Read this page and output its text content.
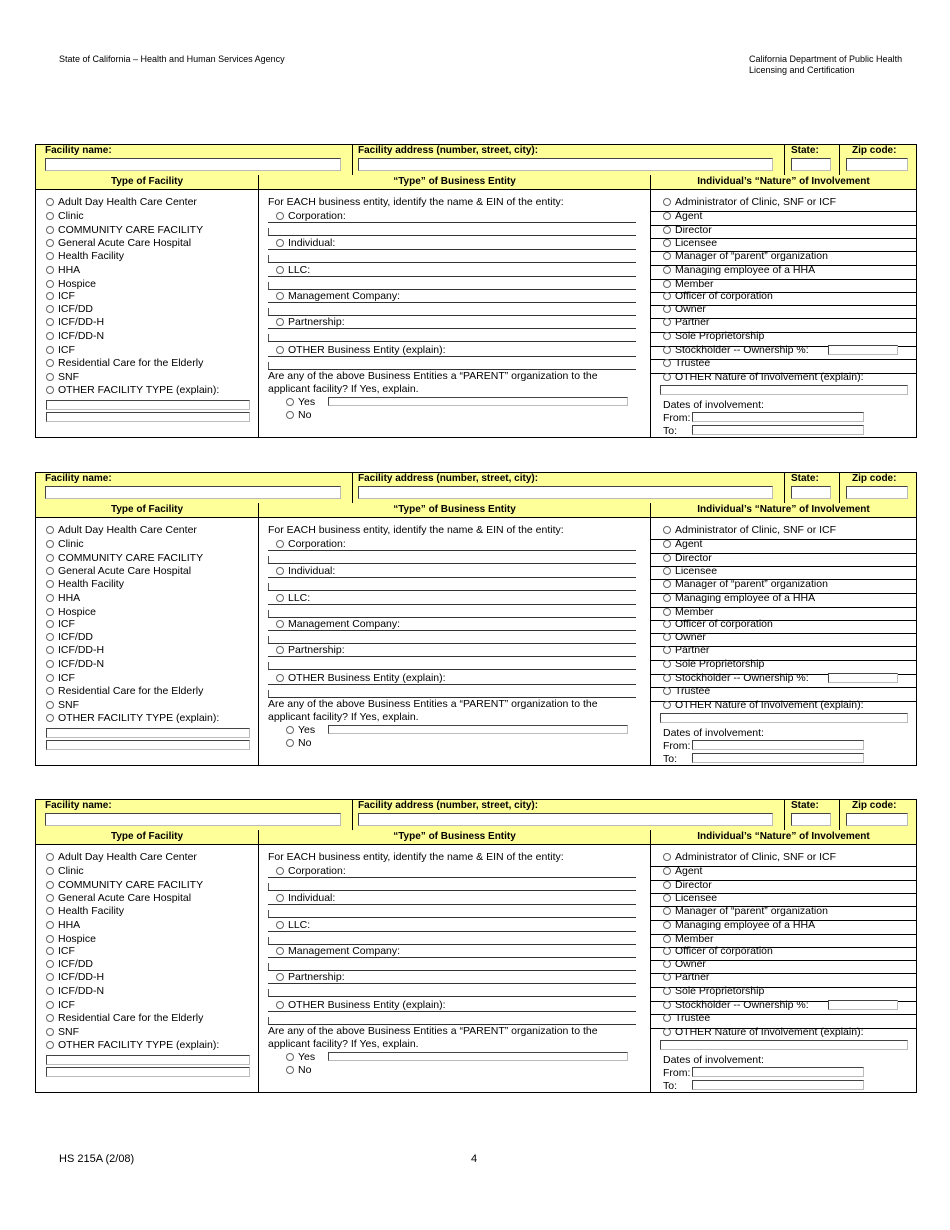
State of California – Health and Human Services Agency	California Department of Public Health
Licensing and Certification
Facility name:	Facility address (number, street, city):	State:	Zip code:
Type of Facility	“Type” of Business Entity	Individual’s “Nature” of Involvement
Adult Day Health Care Center
Clinic
COMMUNITY CARE FACILITY
General Acute Care Hospital
Health Facility
HHA
Hospice
ICF
ICF/DD
ICF/DD-H
ICF/DD-N
ICF
Residential Care for the Elderly
SNF
OTHER FACILITY TYPE (explain):
For EACH business entity, identify the name & EIN of the entity:
Corporation:
Individual:
LLC:
Management Company:
Partnership:
OTHER Business Entity (explain):
Are any of the above Business Entities a “PARENT” organization to the
applicant facility? If Yes, explain.
Yes
No
Administrator of Clinic, SNF or ICF
Agent
Director
Licensee
Manager of “parent” organization
Managing employee of a HHA
Member
Officer of corporation
Owner
Partner
Sole Proprietorship
Stockholder -- Ownership %:
Trustee
OTHER Nature of Involvement (explain):
Dates of involvement:
From:
To:
Facility name:	Facility address (number, street, city):	State:	Zip code:
Type of Facility	“Type” of Business Entity	Individual’s “Nature” of Involvement
Adult Day Health Care Center
Clinic
COMMUNITY CARE FACILITY
General Acute Care Hospital
Health Facility
HHA
Hospice
ICF
ICF/DD
ICF/DD-H
ICF/DD-N
ICF
Residential Care for the Elderly
SNF
OTHER FACILITY TYPE (explain):
For EACH business entity, identify the name & EIN of the entity:
Corporation:
Individual:
LLC:
Management Company:
Partnership:
OTHER Business Entity (explain):
Are any of the above Business Entities a “PARENT” organization to the
applicant facility? If Yes, explain.
Yes
No
Administrator of Clinic, SNF or ICF
Agent
Director
Licensee
Manager of “parent” organization
Managing employee of a HHA
Member
Officer of corporation
Owner
Partner
Sole Proprietorship
Stockholder -- Ownership %:
Trustee
OTHER Nature of Involvement (explain):
Dates of involvement:
From:
To:
Facility name:	Facility address (number, street, city):	State:	Zip code:
Type of Facility	“Type” of Business Entity	Individual’s “Nature” of Involvement
Adult Day Health Care Center
Clinic
COMMUNITY CARE FACILITY
General Acute Care Hospital
Health Facility
HHA
Hospice
ICF
ICF/DD
ICF/DD-H
ICF/DD-N
ICF
Residential Care for the Elderly
SNF
OTHER FACILITY TYPE (explain):
For EACH business entity, identify the name & EIN of the entity:
Corporation:
Individual:
LLC:
Management Company:
Partnership:
OTHER Business Entity (explain):
Are any of the above Business Entities a “PARENT” organization to the
applicant facility? If Yes, explain.
Yes
No
Administrator of Clinic, SNF or ICF
Agent
Director
Licensee
Manager of “parent” organization
Managing employee of a HHA
Member
Officer of corporation
Owner
Partner
Sole Proprietorship
Stockholder -- Ownership %:
Trustee
OTHER Nature of Involvement (explain):
Dates of involvement:
From:
To:
HS 215A (2/08)	4
